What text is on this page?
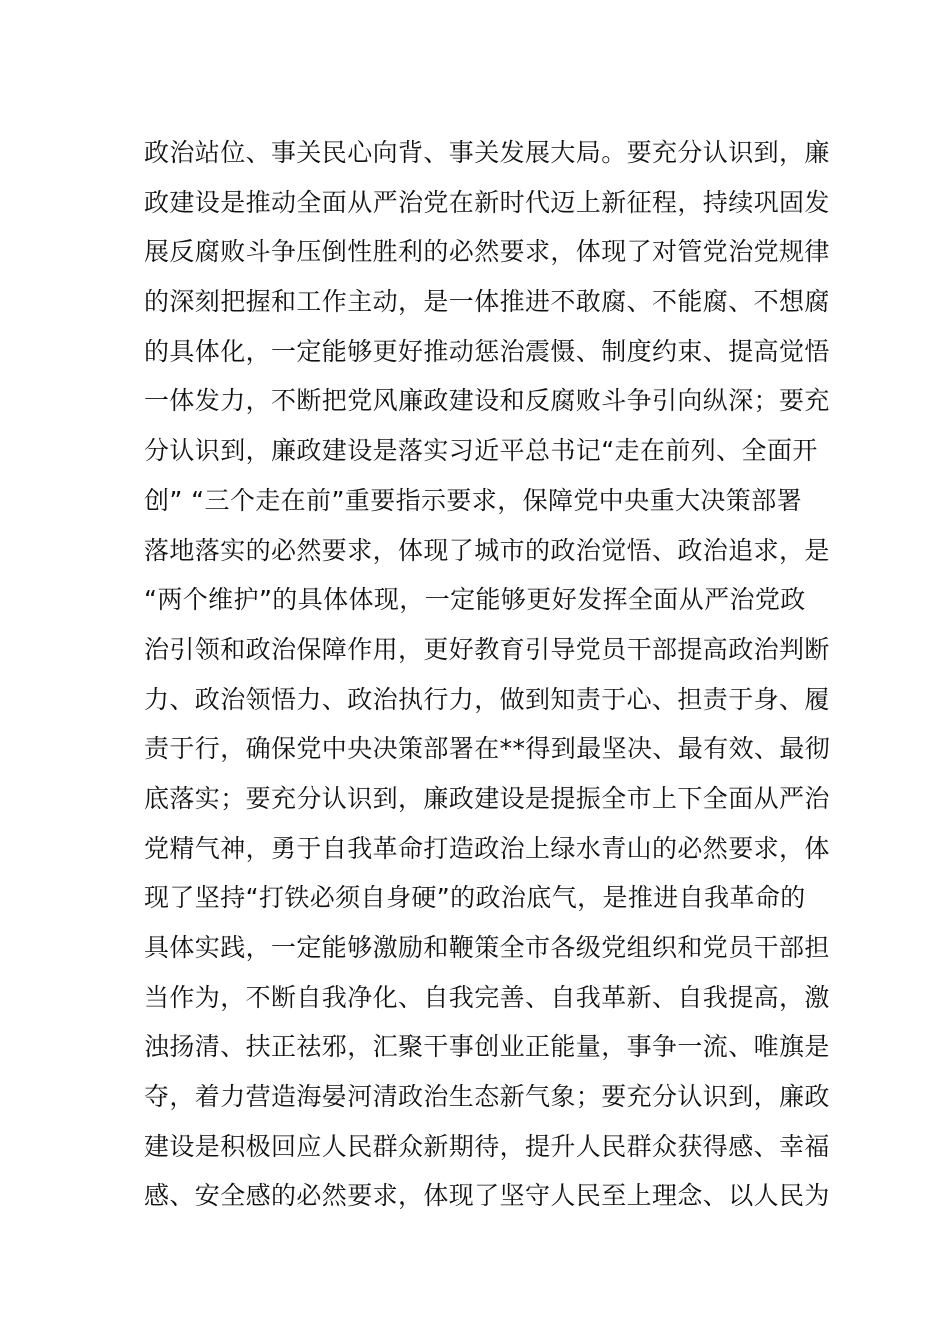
政治站位、事关民心向背、事关发展大局。要充分认识到，廉
政建设是推动全面从严治党在新时代迈上新征程，持续巩固发
展反腐败斗争压倒性胜利的必然要求，体现了对管党治党规律
的深刻把握和工作主动，是一体推进不敢腐、不能腐、不想腐
的具体化，一定能够更好推动惩治震慑、制度约束、提高觉悟
一体发力，不断把党风廉政建设和反腐败斗争引向纵深；要充
分认识到，廉政建设是落实习近平总书记“走在前列、全面开
创” “三个走在前”重要指示要求，保障党中央重大决策部署
落地落实的必然要求，体现了城市的政治觉悟、政治追求，是
“两个维护”的具体体现，一定能够更好发挥全面从严治党政
治引领和政治保障作用，更好教育引导党员干部提高政治判断
力、政治领悟力、政治执行力，做到知责于心、担责于身、履
责于行，确保党中央决策部署在**得到最坚决、最有效、最彻
底落实；要充分认识到，廉政建设是提振全市上下全面从严治
党精气神，勇于自我革命打造政治上绿水青山的必然要求，体
现了坚持“打铁必须自身硬”的政治底气，是推进自我革命的
具体实践，一定能够激励和鞭策全市各级党组织和党员干部担
当作为，不断自我净化、自我完善、自我革新、自我提高，激
浊扬清、扶正祛邪，汇聚干事创业正能量，事争一流、唯旗是
夺，着力营造海晏河清政治生态新气象；要充分认识到，廉政
建设是积极回应人民群众新期待，提升人民群众获得感、幸福
感、安全感的必然要求，体现了坚守人民至上理念、以人民为
